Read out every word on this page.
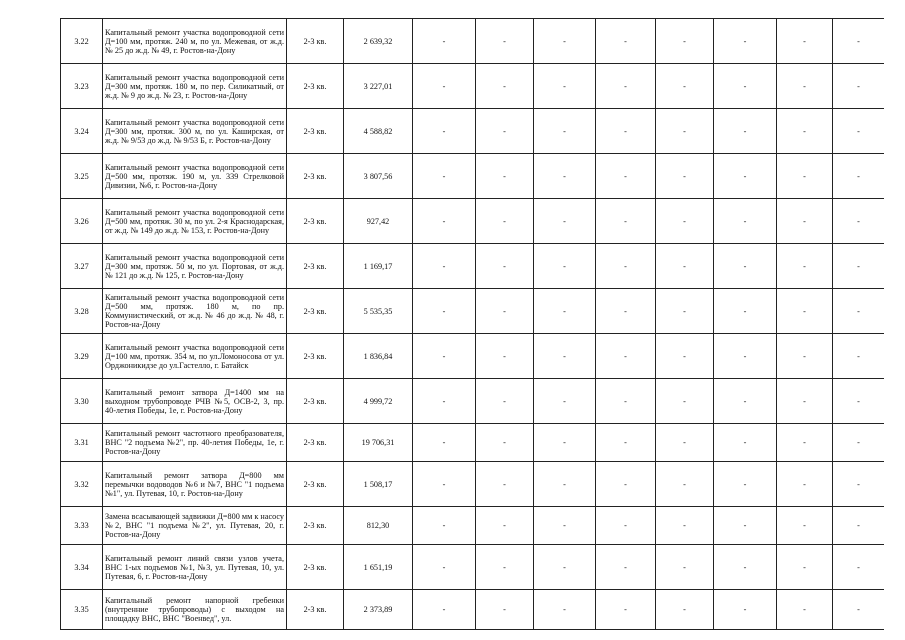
3.22	Капитальный ремонт участка водопроводной сети Д=100 мм, протяж. 240 м, по ул. Межевая, от ж.д. № 25 до ж.д. № 49, г. Ростов-на-Дону	2-3 кв.	2 639,32	-	-	-	-	-	-	-	-
3.23	Капитальный ремонт участка водопроводной сети Д=300 мм, протяж. 180 м, по пер. Силикатный, от ж.д. № 9 до ж.д. № 23, г. Ростов-на-Дону	2-3 кв.	3 227,01	-	-	-	-	-	-	-	-
3.24	Капитальный ремонт участка водопроводной сети Д=300 мм, протяж. 300 м, по ул. Каширская, от ж.д. № 9/53 до ж.д. № 9/53 Б, г. Ростов-на-Дону	2-3 кв.	4 588,82	-	-	-	-	-	-	-	-
3.25	Капитальный ремонт участка водопроводной сети Д=500 мм, протяж. 190 м, ул. 339 Стрелковой Дивизии, №6, г. Ростов-на-Дону	2-3 кв.	3 807,56	-	-	-	-	-	-	-	-
3.26	Капитальный ремонт участка водопроводной сети Д=500 мм, протяж. 30 м, по ул. 2-я Краснодарская, от ж.д. № 149 до ж.д. № 153, г. Ростов-на-Дону	2-3 кв.	927,42	-	-	-	-	-	-	-	-
3.27	Капитальный ремонт участка водопроводной сети Д=300 мм, протяж. 50 м, по ул. Портовая, от ж.д. № 121 до ж.д. № 125, г. Ростов-на-Дону	2-3 кв.	1 169,17	-	-	-	-	-	-	-	-
3.28	Капитальный ремонт участка водопроводной сети Д=500 мм, протяж. 180 м, по пр. Коммунистический, от ж.д. № 46 до ж.д. № 48, г. Ростов-на-Дону	2-3 кв.	5 535,35	-	-	-	-	-	-	-	-
3.29	Капитальный ремонт участка водопроводной сети Д=100 мм, протяж. 354 м, по ул.Ломоносова от ул. Орджоникидзе до ул.Гастелло, г. Батайск	2-3 кв.	1 836,84	-	-	-	-	-	-	-	-
3.30	Капитальный ремонт затвора Д=1400 мм на выходном трубопроводе РЧВ №5, ОСВ-2, 3, пр. 40-летия Победы, 1е, г. Ростов-на-Дону	2-3 кв.	4 999,72	-	-	-	-	-	-	-	-
3.31	Капитальный ремонт частотного преобразователя, ВНС "2 подъема №2", пр. 40-летия Победы, 1е, г. Ростов-на-Дону	2-3 кв.	19 706,31	-	-	-	-	-	-	-	-
3.32	Капитальный ремонт затвора Д=800 мм перемычки водоводов №6 и №7, ВНС "1 подъема №1", ул. Путевая, 10, г. Ростов-на-Дону	2-3 кв.	1 508,17	-	-	-	-	-	-	-	-
3.33	Замена всасывающей задвижки Д=800 мм к насосу №2, ВНС "1 подъема №2", ул. Путевая, 20, г. Ростов-на-Дону	2-3 кв.	812,30	-	-	-	-	-	-	-	-
3.34	Капитальный ремонт линий связи узлов учета, ВНС 1-ых подъемов №1, №3, ул. Путевая, 10, ул. Путевая, 6, г. Ростов-на-Дону	2-3 кв.	1 651,19	-	-	-	-	-	-	-	-
3.35	Капитальный ремонт напорной гребенки (внутренние трубопроводы) с выходом на площадку ВНС, ВНС "Военвед", ул.	2-3 кв.	2 373,89	-	-	-	-	-	-	-	-
